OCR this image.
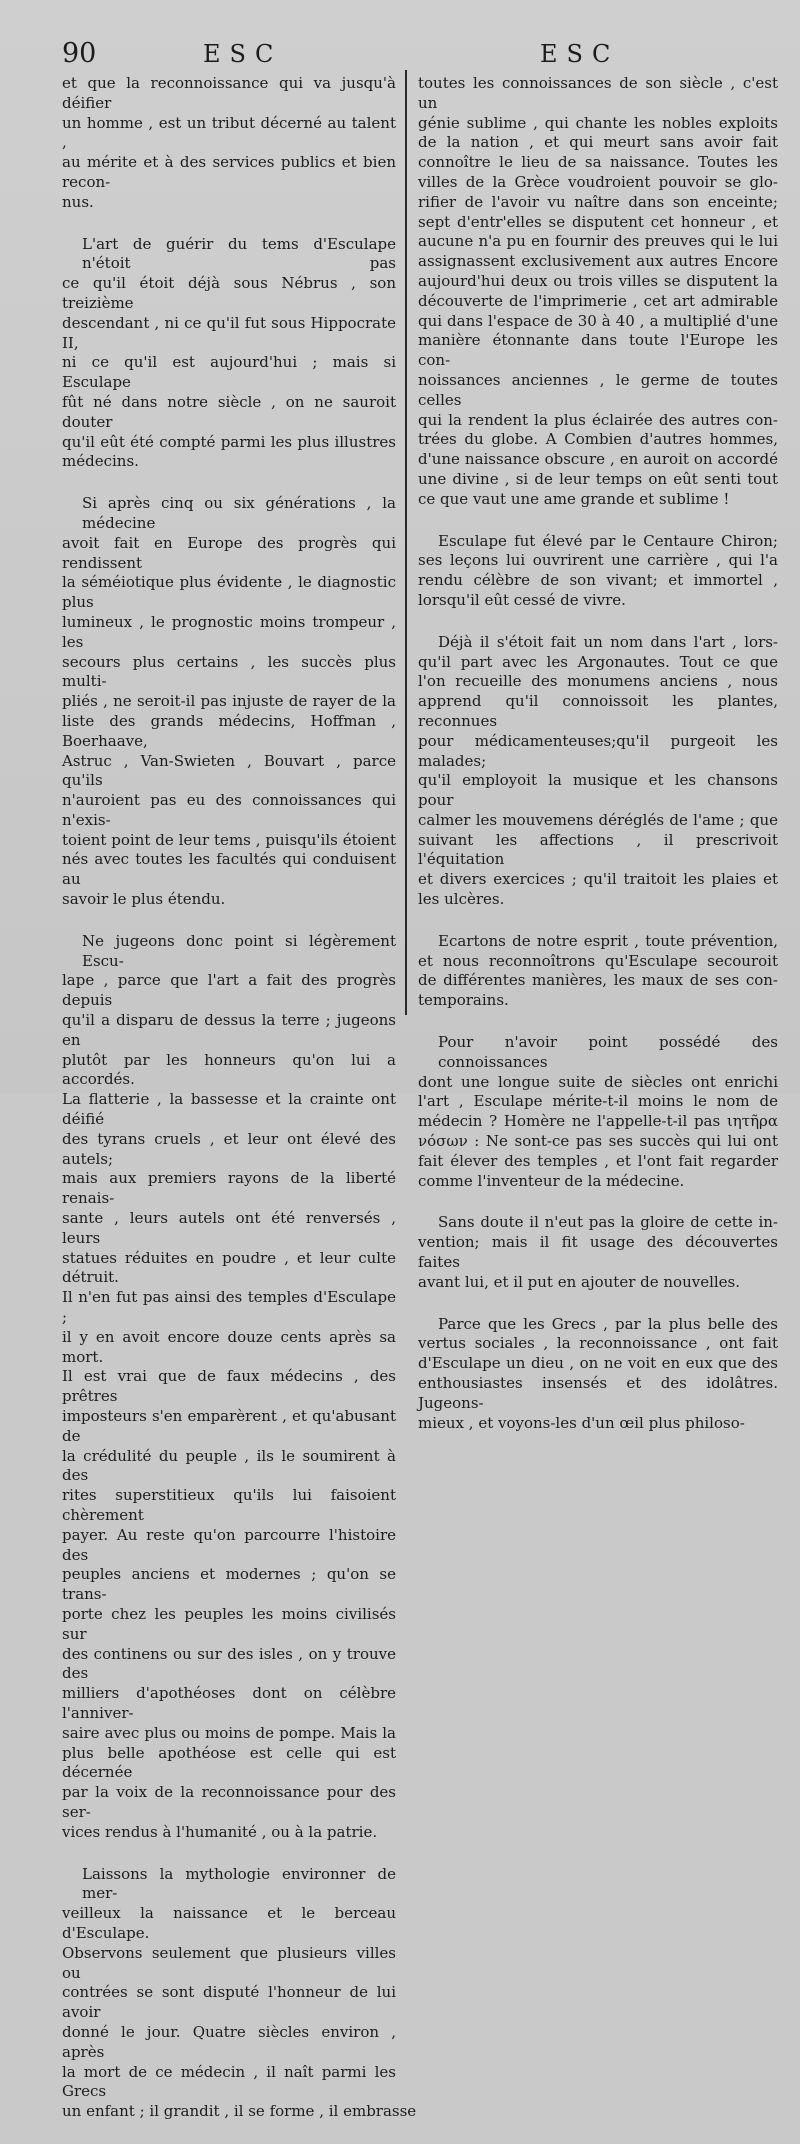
90	ESC	ESC

et que la reconnoissance qui va jusqu'à déifier
un homme , est un tribut décerné au talent ,
au mérite et à des services publics et bien recon-
nus.

L'art de guérir du tems d'Esculape n'étoit pas
ce qu'il étoit déjà sous Nébrus , son treizième
descendant , ni ce qu'il fut sous Hippocrate II,
ni ce qu'il est aujourd'hui ; mais si Esculape
fût né dans notre siècle , on ne sauroit douter
qu'il eût été compté parmi les plus illustres
médecins.

Si après cinq ou six générations , la médecine
avoit fait en Europe des progrès qui rendissent
la séméiotique plus évidente , le diagnostic plus
lumineux , le prognostic moins trompeur , les
secours plus certains , les succès plus multi-
pliés , ne seroit-il pas injuste de rayer de la
liste des grands médecins, Hoffman , Boerhaave,
Astruc , Van-Swieten , Bouvart , parce qu'ils
n'auroient pas eu des connoissances qui n'exis-
toient point de leur tems , puisqu'ils étoient
nés avec toutes les facultés qui conduisent au
savoir le plus étendu.

Ne jugeons donc point si légèrement Escu-
lape , parce que l'art a fait des progrès depuis
qu'il a disparu de dessus la terre ; jugeons en
plutôt par les honneurs qu'on lui a accordés.
La flatterie , la bassesse et la crainte ont déifié
des tyrans cruels , et leur ont élevé des autels;
mais aux premiers rayons de la liberté renais-
sante , leurs autels ont été renversés , leurs
statues réduites en poudre , et leur culte détruit.
Il n'en fut pas ainsi des temples d'Esculape ;
il y en avoit encore douze cents après sa mort.
Il est vrai que de faux médecins , des prêtres
imposteurs s'en emparèrent , et qu'abusant de
la crédulité du peuple , ils le soumirent à des
rites superstitieux qu'ils lui faisoient chèrement
payer. Au reste qu'on parcourre l'histoire des
peuples anciens et modernes ; qu'on se trans-
porte chez les peuples les moins civilisés sur
des continens ou sur des isles , on y trouve des
milliers d'apothéoses dont on célèbre l'anniver-
saire avec plus ou moins de pompe. Mais la
plus belle apothéose est celle qui est décernée
par la voix de la reconnoissance pour des ser-
vices rendus à l'humanité , ou à la patrie.

Laissons la mythologie environner de mer-
veilleux la naissance et le berceau d'Esculape.
Observons seulement que plusieurs villes ou
contrées se sont disputé l'honneur de lui avoir
donné le jour. Quatre siècles environ , après
la mort de ce médecin , il naît parmi les Grecs
un enfant ; il grandit , il se forme , il embrasse

toutes les connoissances de son siècle , c'est un
génie sublime , qui chante les nobles exploits
de la nation , et qui meurt sans avoir fait
connoître le lieu de sa naissance. Toutes les
villes de la Grèce voudroient pouvoir se glo-
rifier de l'avoir vu naître dans son enceinte;
sept d'entr'elles se disputent cet honneur , et
aucune n'a pu en fournir des preuves qui le lui
assignassent exclusivement aux autres Encore
aujourd'hui deux ou trois villes se disputent la
découverte de l'imprimerie , cet art admirable
qui dans l'espace de 30 à 40 , a multiplié d'une
manière étonnante dans toute l'Europe les con-
noissances anciennes , le germe de toutes celles
qui la rendent la plus éclairée des autres con-
trées du globe. A Combien d'autres hommes,
d'une naissance obscure , en auroit on accordé
une divine , si de leur temps on eût senti tout
ce que vaut une ame grande et sublime !

Esculape fut élevé par le Centaure Chiron;
ses leçons lui ouvrirent une carrière , qui l'a
rendu célèbre de son vivant; et immortel ,
lorsqu'il eût cessé de vivre.

Déjà il s'étoit fait un nom dans l'art , lors-
qu'il part avec les Argonautes. Tout ce que
l'on recueille des monumens anciens , nous
apprend qu'il connoissoit les plantes, reconnues
pour médicamenteuses;qu'il purgeoit les malades;
qu'il employoit la musique et les chansons pour
calmer les mouvemens déréglés de l'ame ; que
suivant les affections , il prescrivoit l'équitation
et divers exercices ; qu'il traitoit les plaies et
les ulcères.

Ecartons de notre esprit , toute prévention,
et nous reconnoîtrons qu'Esculape secouroit
de différentes manières, les maux de ses con-
temporains.

Pour n'avoir point possédé des connoissances
dont une longue suite de siècles ont enrichi
l'art , Esculape mérite-t-il moins le nom de
médecin ? Homère ne l'appelle-t-il pas ιητῆρα
νόσων : Ne sont-ce pas ses succès qui lui ont
fait élever des temples , et l'ont fait regarder
comme l'inventeur de la médecine.

Sans doute il n'eut pas la gloire de cette in-
vention; mais il fit usage des découvertes faites
avant lui, et il put en ajouter de nouvelles.

Parce que les Grecs , par la plus belle des
vertus sociales , la reconnoissance , ont fait
d'Esculape un dieu , on ne voit en eux que des
enthousiastes insensés et des idolâtres. Jugeons-
mieux , et voyons-les d'un œil plus philoso-
